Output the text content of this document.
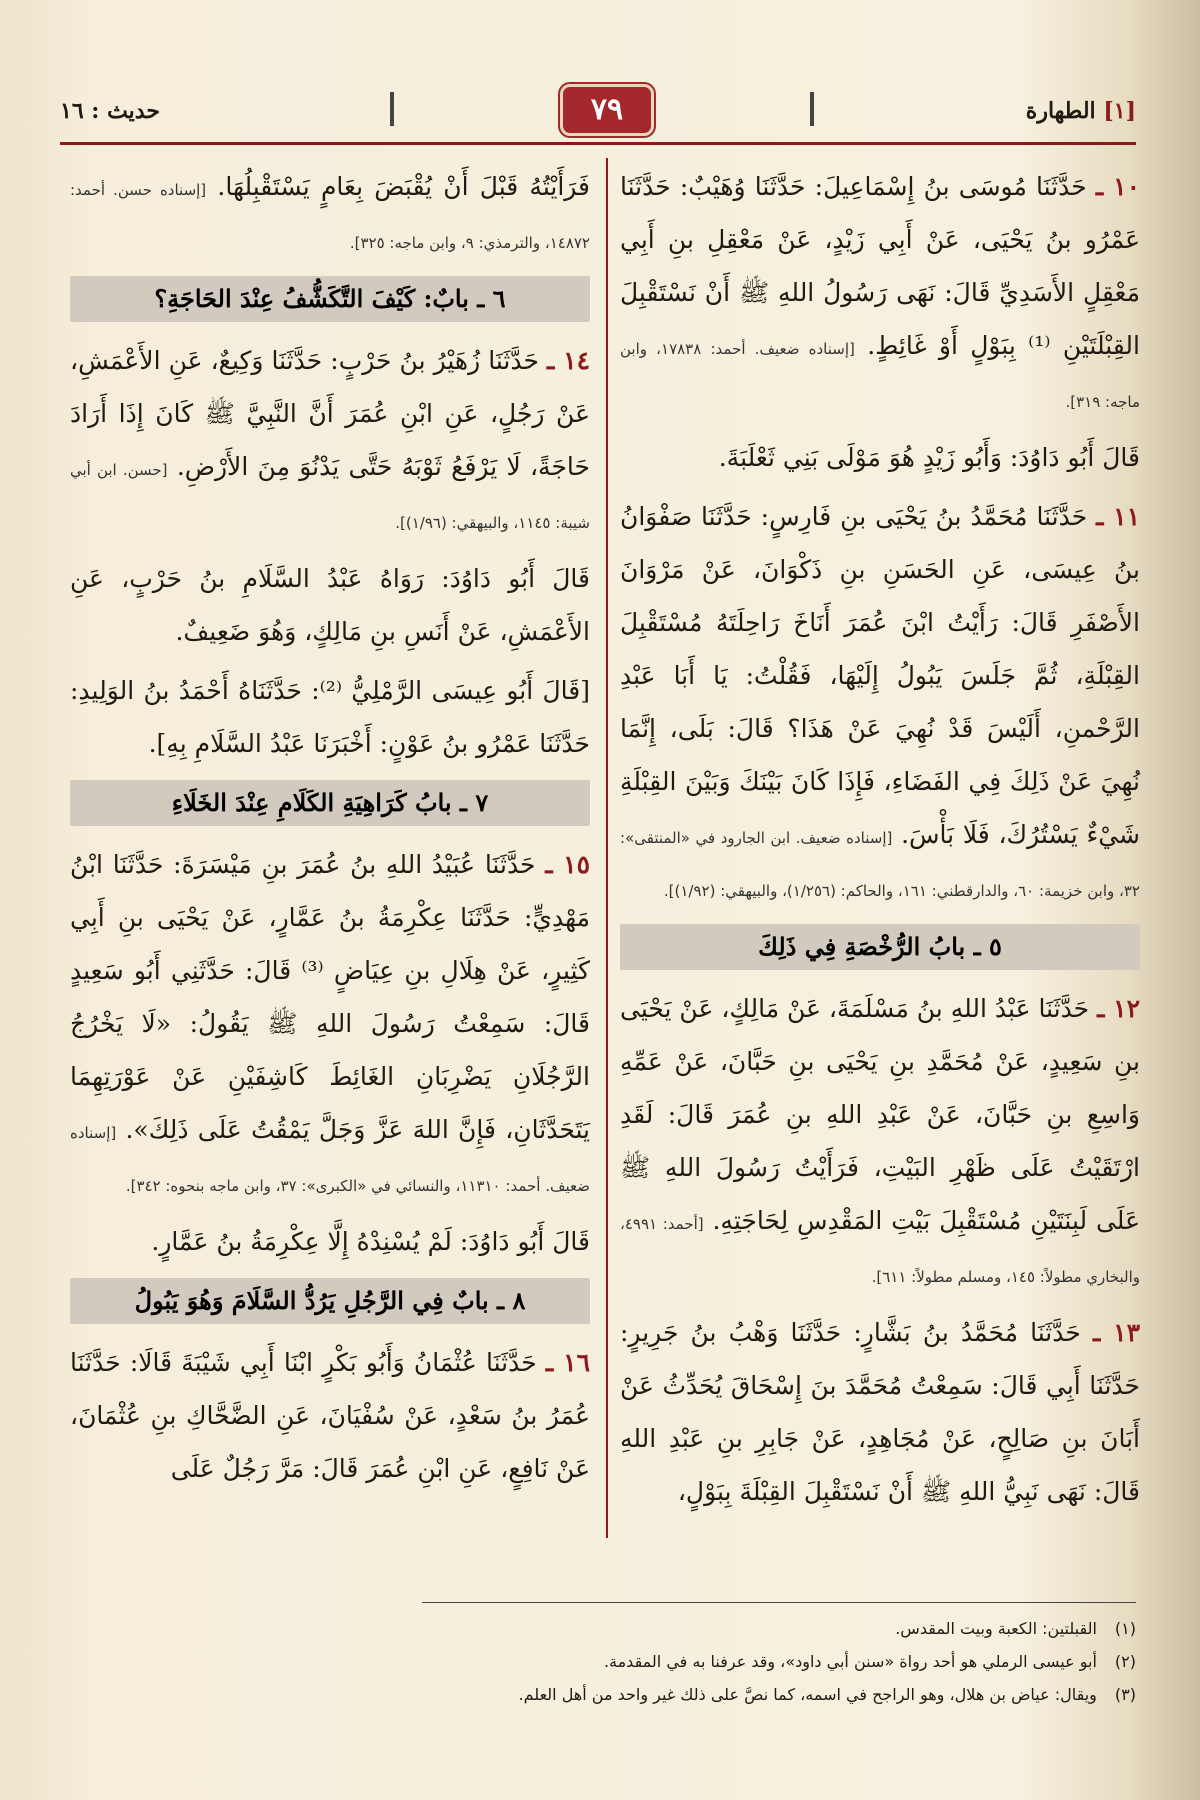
[١] الطهارة
٧٩
حديث : ١٦

١٠ ـ حَدَّثَنَا مُوسَى بنُ إِسْمَاعِيلَ: حَدَّثَنَا وُهَيْبٌ: حَدَّثَنَا عَمْرُو بنُ يَحْيَى، عَنْ أَبِي زَيْدٍ، عَنْ مَعْقِلِ بنِ أَبِي مَعْقِلٍ الأَسَدِيِّ قَالَ: نَهَى رَسُولُ اللهِ ﷺ أَنْ نَسْتَقْبِلَ القِبْلَتَيْنِ ⁽¹⁾ بِبَوْلٍ أَوْ غَائِطٍ. [إسناده ضعيف. أحمد: ١٧٨٣٨، وابن ماجه: ٣١٩].

قَالَ أَبُو دَاوُدَ: وَأَبُو زَيْدٍ هُوَ مَوْلَى بَنِي ثَعْلَبَةَ.

١١ ـ حَدَّثَنَا مُحَمَّدُ بنُ يَحْيَى بنِ فَارِسٍ: حَدَّثَنَا صَفْوَانُ بنُ عِيسَى، عَنِ الحَسَنِ بنِ ذَكْوَانَ، عَنْ مَرْوَانَ الأَصْفَرِ قَالَ: رَأَيْتُ ابْنَ عُمَرَ أَنَاخَ رَاحِلَتَهُ مُسْتَقْبِلَ القِبْلَةِ، ثُمَّ جَلَسَ يَبُولُ إِلَيْهَا، فَقُلْتُ: يَا أَبَا عَبْدِ الرَّحْمنِ، أَلَيْسَ قَدْ نُهِيَ عَنْ هَذَا؟ قَالَ: بَلَى، إِنَّمَا نُهِيَ عَنْ ذَلِكَ فِي الفَضَاءِ، فَإِذَا كَانَ بَيْنَكَ وَبَيْنَ القِبْلَةِ شَيْءٌ يَسْتُرُكَ، فَلَا بَأْسَ. [إسناده ضعيف. ابن الجارود في «المنتقى»: ٣٢، وابن خزيمة: ٦٠، والدارقطني: ١٦١، والحاكم: (١/٢٥٦)، والبيهقي: (١/٩٢)].

٥ ـ بابُ الرُّخْصَةِ فِي ذَلِكَ

١٢ ـ حَدَّثَنَا عَبْدُ اللهِ بنُ مَسْلَمَةَ، عَنْ مَالِكٍ، عَنْ يَحْيَى بنِ سَعِيدٍ، عَنْ مُحَمَّدِ بنِ يَحْيَى بنِ حَبَّانَ، عَنْ عَمِّهِ وَاسِعِ بنِ حَبَّانَ، عَنْ عَبْدِ اللهِ بنِ عُمَرَ قَالَ: لَقَدِ ارْتَقَيْتُ عَلَى ظَهْرِ البَيْتِ، فَرَأَيْتُ رَسُولَ اللهِ ﷺ عَلَى لَبِنَتَيْنِ مُسْتَقْبِلَ بَيْتِ المَقْدِسِ لِحَاجَتِهِ. [أحمد: ٤٩٩١، والبخاري مطولاً: ١٤٥، ومسلم مطولاً: ٦١١].

١٣ ـ حَدَّثَنَا مُحَمَّدُ بنُ بَشَّارٍ: حَدَّثَنَا وَهْبُ بنُ جَرِيرٍ: حَدَّثَنَا أَبِي قَالَ: سَمِعْتُ مُحَمَّدَ بنَ إِسْحَاقَ يُحَدِّثُ عَنْ أَبَانَ بنِ صَالِحٍ، عَنْ مُجَاهِدٍ، عَنْ جَابِرِ بنِ عَبْدِ اللهِ قَالَ: نَهَى نَبِيُّ اللهِ ﷺ أَنْ نَسْتَقْبِلَ القِبْلَةَ بِبَوْلٍ،

فَرَأَيْتُهُ قَبْلَ أَنْ يُقْبَضَ بِعَامٍ يَسْتَقْبِلُهَا. [إسناده حسن. أحمد: ١٤٨٧٢، والترمذي: ٩، وابن ماجه: ٣٢٥].

٦ ـ بابٌ: كَيْفَ التَّكَشُّفُ عِنْدَ الحَاجَةِ؟

١٤ ـ حَدَّثَنَا زُهَيْرُ بنُ حَرْبٍ: حَدَّثَنَا وَكِيعٌ، عَنِ الأَعْمَشِ، عَنْ رَجُلٍ، عَنِ ابْنِ عُمَرَ أَنَّ النَّبِيَّ ﷺ كَانَ إِذَا أَرَادَ حَاجَةً، لَا يَرْفَعُ ثَوْبَهُ حَتَّى يَدْنُوَ مِنَ الأَرْضِ. [حسن. ابن أبي شيبة: ١١٤٥، والبيهقي: (١/٩٦)].

قَالَ أَبُو دَاوُدَ: رَوَاهُ عَبْدُ السَّلَامِ بنُ حَرْبٍ، عَنِ الأَعْمَشِ، عَنْ أَنَسِ بنِ مَالِكٍ، وَهُوَ ضَعِيفٌ.

[قَالَ أَبُو عِيسَى الرَّمْلِيُّ ⁽²⁾: حَدَّثَنَاهُ أَحْمَدُ بنُ الوَلِيدِ: حَدَّثَنَا عَمْرُو بنُ عَوْنٍ: أَخْبَرَنَا عَبْدُ السَّلَامِ بِهِ].

٧ ـ بابُ كَرَاهِيَةِ الكَلَامِ عِنْدَ الخَلَاءِ

١٥ ـ حَدَّثَنَا عُبَيْدُ اللهِ بنُ عُمَرَ بنِ مَيْسَرَةَ: حَدَّثَنَا ابْنُ مَهْدِيٍّ: حَدَّثَنَا عِكْرِمَةُ بنُ عَمَّارٍ، عَنْ يَحْيَى بنِ أَبِي كَثِيرٍ، عَنْ هِلَالِ بنِ عِيَاضٍ ⁽³⁾ قَالَ: حَدَّثَنِي أَبُو سَعِيدٍ قَالَ: سَمِعْتُ رَسُولَ اللهِ ﷺ يَقُولُ: «لَا يَخْرُجُ الرَّجُلَانِ يَضْرِبَانِ الغَائِطَ كَاشِفَيْنِ عَنْ عَوْرَتِهِمَا يَتَحَدَّثَانِ، فَإِنَّ اللهَ عَزَّ وَجَلَّ يَمْقُتُ عَلَى ذَلِكَ». [إسناده ضعيف. أحمد: ١١٣١٠، والنسائي في «الكبرى»: ٣٧، وابن ماجه بنحوه: ٣٤٢].

قَالَ أَبُو دَاوُدَ: لَمْ يُسْنِدْهُ إِلَّا عِكْرِمَةُ بنُ عَمَّارٍ.

٨ ـ بابٌ فِي الرَّجُلِ يَرُدُّ السَّلَامَ وَهُوَ يَبُولُ

١٦ ـ حَدَّثَنَا عُثْمَانُ وَأَبُو بَكْرٍ ابْنَا أَبِي شَيْبَةَ قَالَا: حَدَّثَنَا عُمَرُ بنُ سَعْدٍ، عَنْ سُفْيَانَ، عَنِ الضَّحَّاكِ بنِ عُثْمَانَ، عَنْ نَافِعٍ، عَنِ ابْنِ عُمَرَ قَالَ: مَرَّ رَجُلٌ عَلَى

(١)القبلتين: الكعبة وبيت المقدس.
(٢)أبو عيسى الرملي هو أحد رواة «سنن أبي داود»، وقد عرفنا به في المقدمة.
(٣)ويقال: عياض بن هلال، وهو الراجح في اسمه، كما نصَّ على ذلك غير واحد من أهل العلم.
